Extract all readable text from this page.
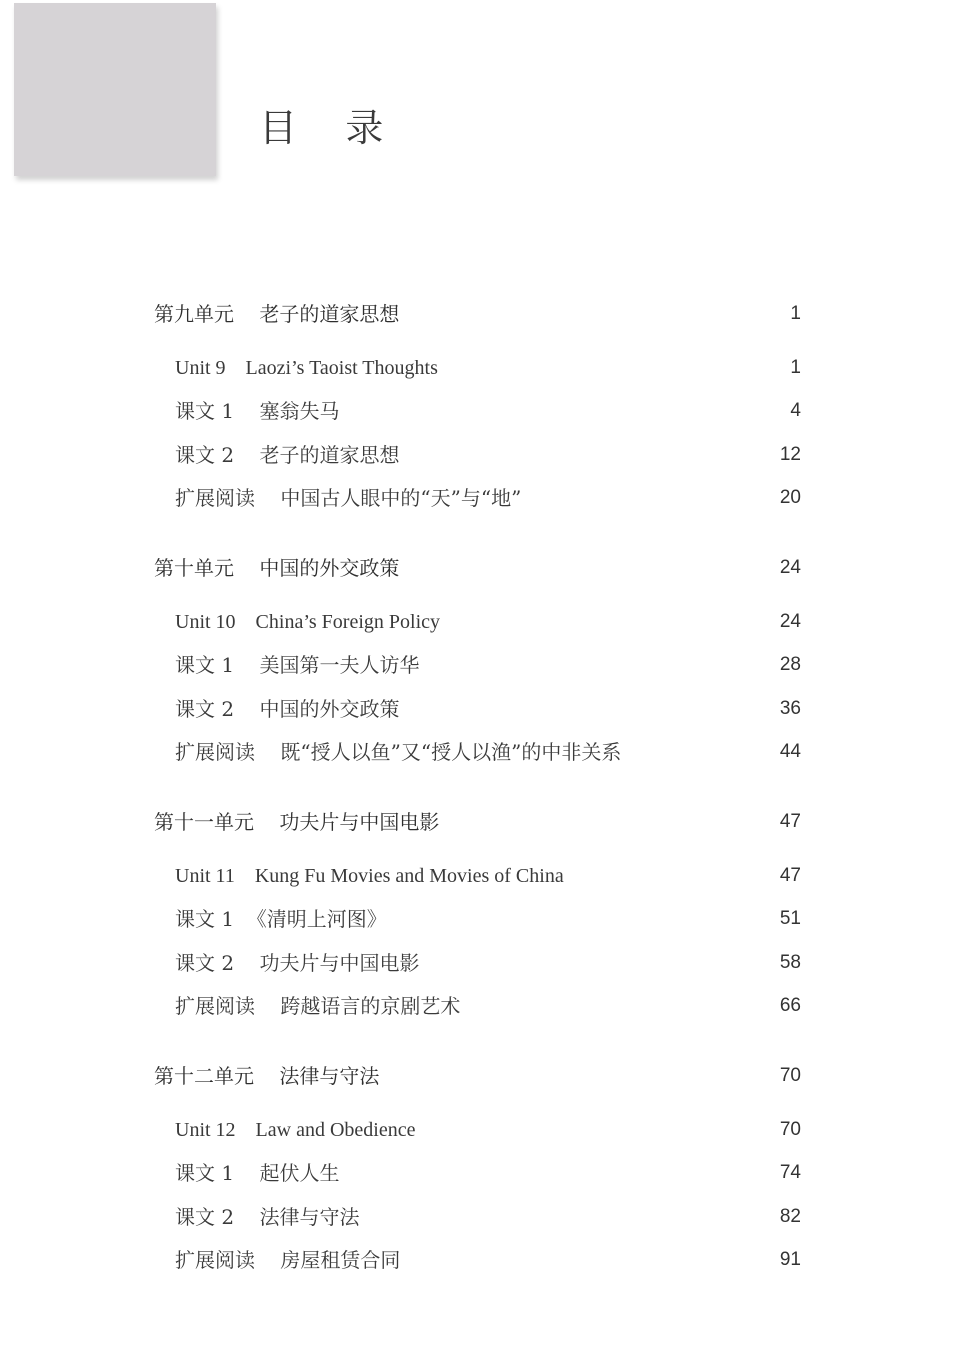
目    录
第九单元    老子的道家思想	1
Unit 9    Laozi’s Taoist Thoughts	1
课文 1    塞翁失马	4
课文 2    老子的道家思想	12
扩展阅读    中国古人眼中的“天”与“地”	20
第十单元    中国的外交政策	24
Unit 10    China’s Foreign Policy	24
课文 1    美国第一夫人访华	28
课文 2    中国的外交政策	36
扩展阅读    既“授人以鱼”又“授人以渔”的中非关系	44
第十一单元    功夫片与中国电影	47
Unit 11    Kung Fu Movies and Movies of China	47
课文 1  《清明上河图》	51
课文 2    功夫片与中国电影	58
扩展阅读    跨越语言的京剧艺术	66
第十二单元    法律与守法	70
Unit 12    Law and Obedience	70
课文 1    起伏人生	74
课文 2    法律与守法	82
扩展阅读    房屋租赁合同	91
